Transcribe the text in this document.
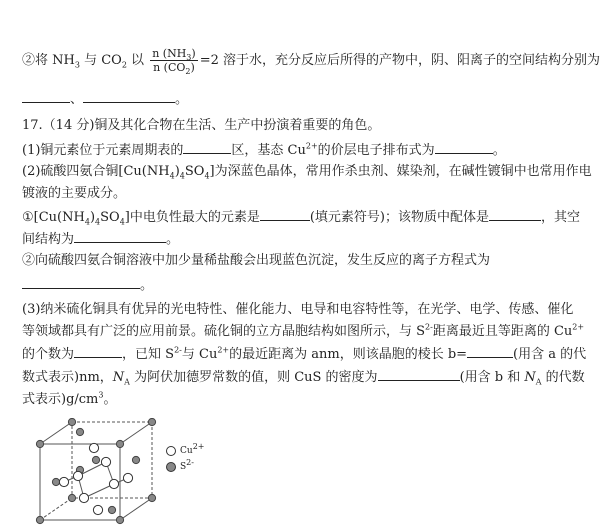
②将 $NH_3$ 与 $CO_2$ 以 $\frac{n (NH_3)}{n (CO_2)} =2$ 溶于水，充分反应后所得的产物中，阴、阳离子的空间结构分别为
、	。
17.（14 分)铜及其化合物在生活、生产中扮演着重要的角色。
(1)铜元素位于元素周期表的	区，基态 $Cu^{2+}$的价层电子排布式为	。
(2)硫酸四氨合铜$[Cu(NH_4)_4SO_4]$为深蓝色晶体，常用作杀虫剂、媒染剂，在碱性镀铜中也常用作电
镀液的主要成分。
$①[Cu(NH_4)_4SO_4]$中电负性最大的元素是	(填元素符号)；该物质中配体是	，其空
间结构为	。
②向硫酸四氨合铜溶液中加少量稀盐酸会出现蓝色沉淀，发生反应的离子方程式为
。
(3)纳米硫化铜具有优异的光电特性、催化能力、电导和电容特性等，在光学、电学、传感、催化
等领域都具有广泛的应用前景。硫化铜的立方晶胞结构如图所示，与 $S^{2-}$距离最近且等距离的 $Cu^{2+}$
的个数为	，已知 $S^{2-}$与 $Cu^{2+}$的最近距离为 anm，则该晶胞的棱长 b=	(用含 a 的代
数式表示)nm，$N_A$ 为阿伏加德罗常数的值，则 CuS 的密度为	(用含 b 和 $N_A$ 的代数
式表示)$g/cm^3$。
$Cu^{2+}$
$S^{2-}$
